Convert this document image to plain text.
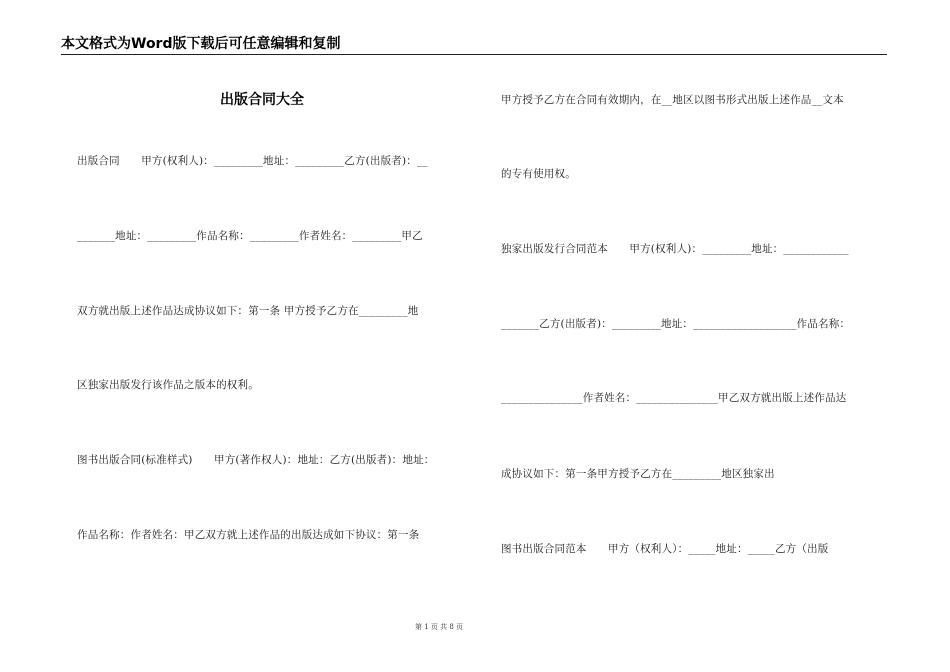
本文格式为Word版下载后可任意编辑和复制
出版合同大全
出版合同　　甲方(权利人)：_________地址：_________乙方(出版者)：__
_______地址：_________作品名称：_________作者姓名：_________甲乙
双方就出版上述作品达成协议如下：第一条 甲方授予乙方在_________地
区独家出版发行该作品之版本的权利。
图书出版合同(标准样式)　　甲方(著作权人)：地址：乙方(出版者)：地址：
作品名称：作者姓名：甲乙双方就上述作品的出版达成如下协议：第一条
甲方授予乙方在合同有效期内，在__地区以图书形式出版上述作品__文本
的专有使用权。
独家出版发行合同范本　　甲方(权利人)：_________地址：____________
_______乙方(出版者)：_________地址：___________________作品名称：
_______________作者姓名：_______________甲乙双方就出版上述作品达
成协议如下：第一条甲方授予乙方在_________地区独家出
图书出版合同范本　　甲方（权利人）：_____地址：_____乙方（出版
第 1 页 共 8 页
